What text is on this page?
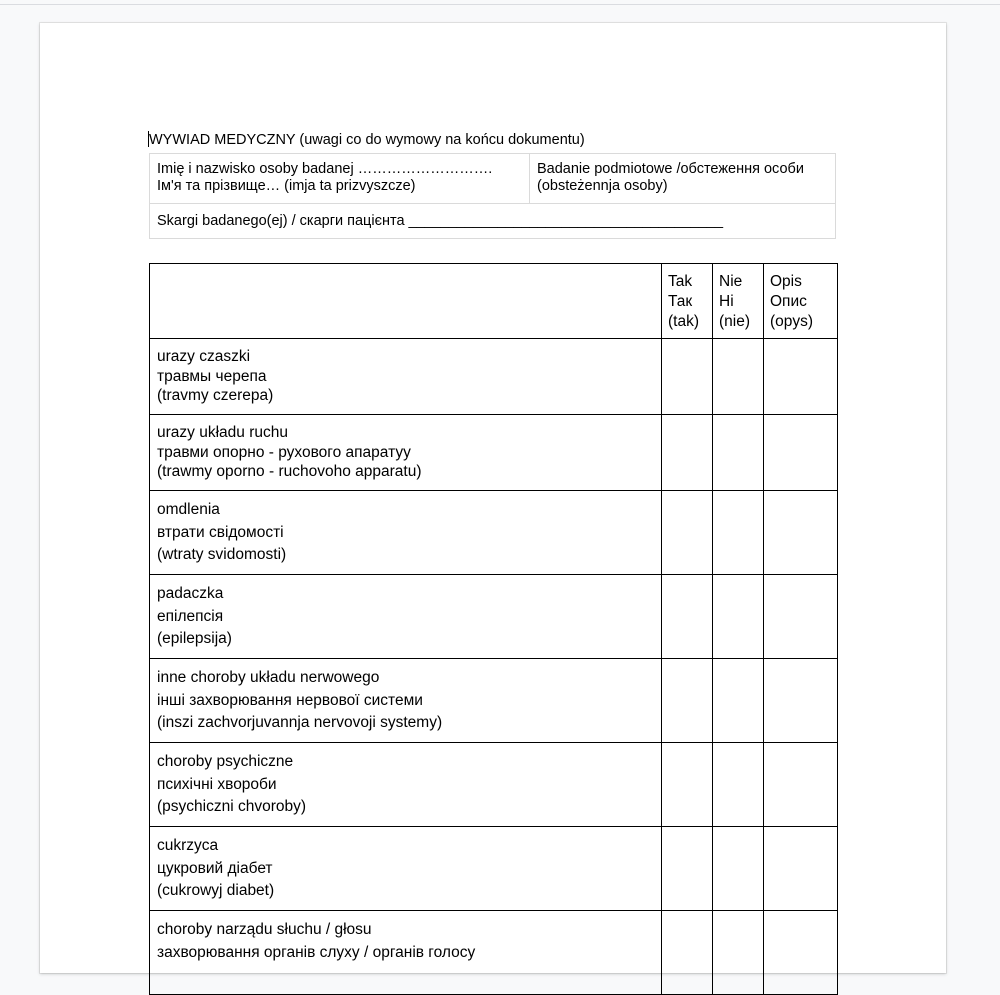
WYWIAD MEDYCZNY (uwagi co do wymowy na końcu dokumentu)
Imię i nazwisko osoby badanej ……………………….
Ім'я та прізвище… (imja ta prizvyszcze)	Badanie podmiotowe /обстеження особи
(obsteżennja osoby)
Skargi badanego(ej) / скарги пацієнта _______________________________________

	Tak
Так
(tak)	Nie
Hi
(nie)	Opis
Опис
(opys)

urazy czaszki
травмы черепа
(travmy czerepa)			

urazy układu ruchu
травми опорно - рухового апаратуу
(trawmy oporno - ruchovoho apparatu)			

omdlenia
втрати свідомості
(wtraty svidomosti)			

padaczka
епілепсія
(epilepsija)			

inne choroby układu nerwowego
інші захворювання нервової системи
(inszi zachvorjuvannja nervovoji systemy)			

choroby psychiczne
психічні хвороби
(psychiczni chvoroby)			

cukrzyca
цукровий діабет
(cukrowyj diabet)			

choroby narządu słuchu / głosu
захворювання органів слуху / органів голосу			
